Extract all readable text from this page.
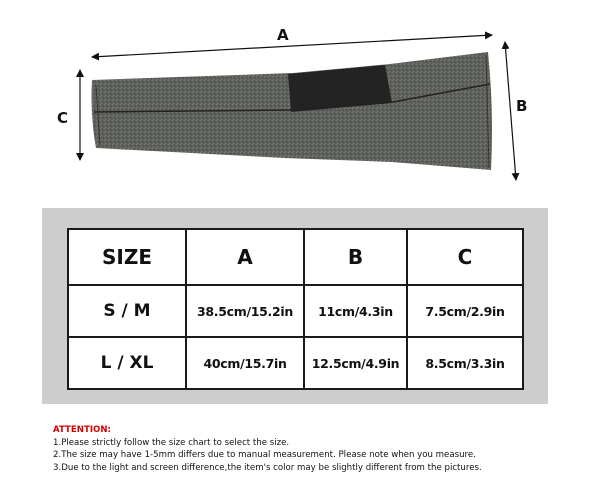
A
B
C
SIZE	A	B	C
S / M	38.5cm/15.2in	11cm/4.3in	7.5cm/2.9in
L / XL	40cm/15.7in	12.5cm/4.9in	8.5cm/3.3in
ATTENTION:
1.Please strictly follow the size chart to select the size.
2.The size may have 1-5mm differs due to manual measurement. Please note when you measure.
3.Due to the light and screen difference,the item's color may be slightly different from the pictures.
